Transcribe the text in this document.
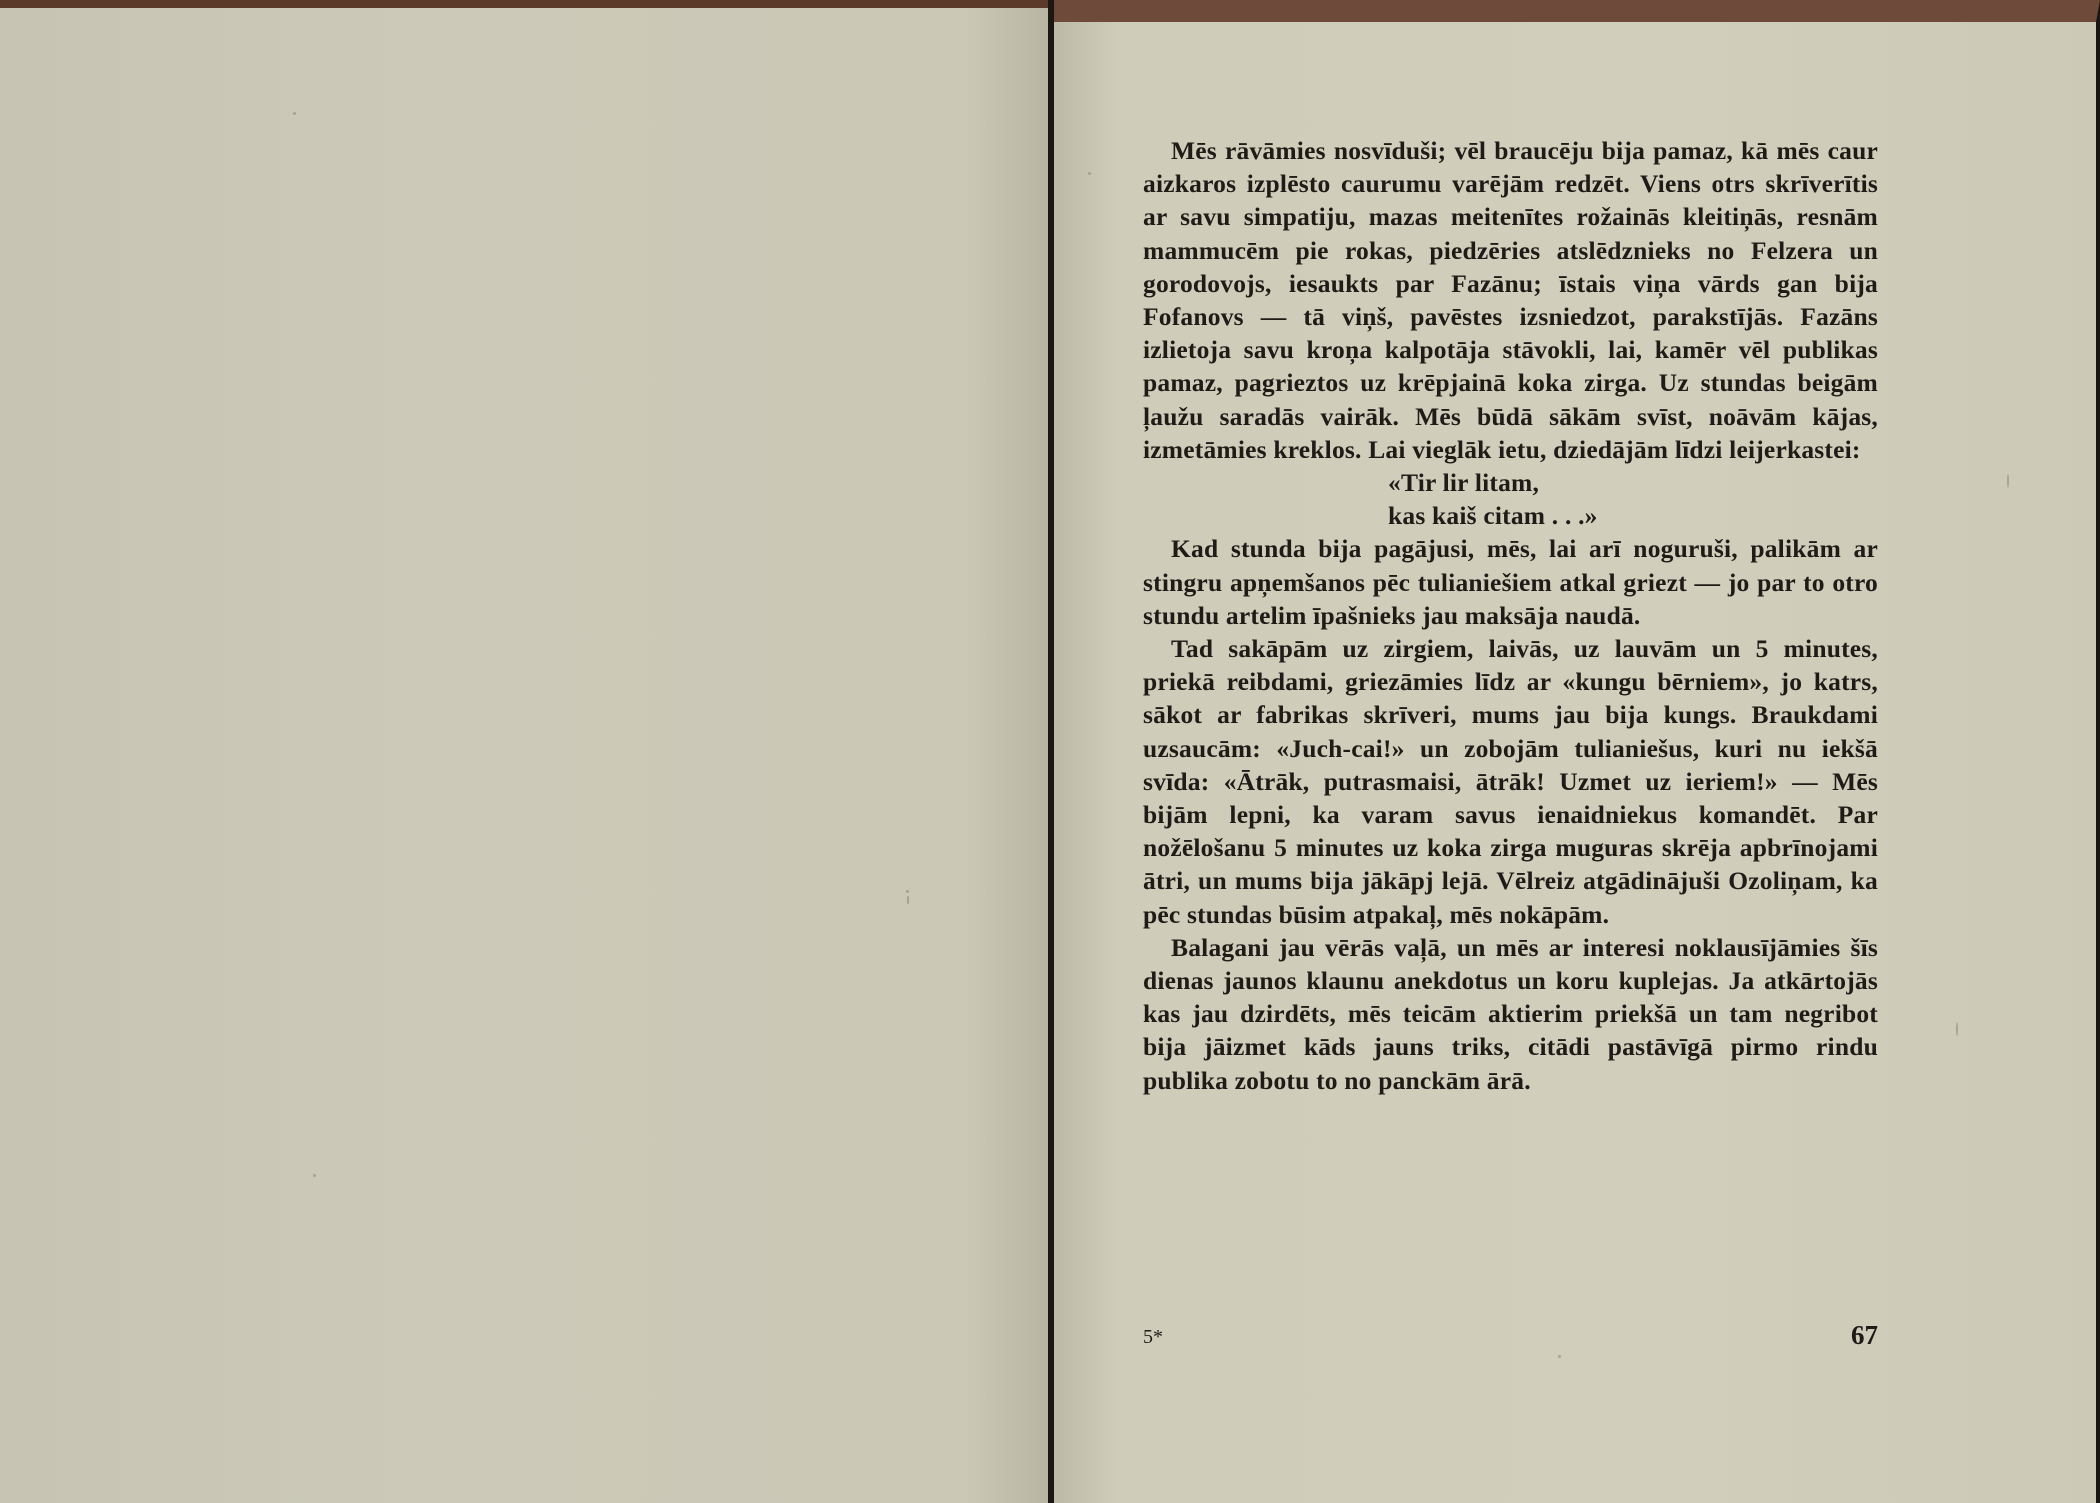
Mēs rāvāmies nosvīduši; vēl braucēju bija pamaz, kā mēs caur aizkaros izplēsto caurumu varējām redzēt. Viens otrs skrīverītis ar savu simpatiju, mazas meitenītes rožainās kleitiņās, resnām mammucēm pie rokas, piedzēries atslēdznieks no Felzera un gorodovojs, iesaukts par Fazānu; īstais viņa vārds gan bija Fofanovs — tā viņš, pavēstes izsniedzot, parakstījās. Fazāns izlietoja savu kroņa kalpotāja stāvokli, lai, kamēr vēl publikas pamaz, pagrieztos uz krēpjainā koka zirga. Uz stundas beigām ļaužu saradās vairāk. Mēs būdā sākām svīst, noāvām kājas, izmetāmies kreklos. Lai vieglāk ietu, dziedājām līdzi leijerkastei:

«Tir lir litam,
kas kaiš citam . . .»

Kad stunda bija pagājusi, mēs, lai arī noguruši, palikām ar stingru apņemšanos pēc tulianiešiem atkal griezt — jo par to otro stundu artelim īpašnieks jau maksāja naudā.

Tad sakāpām uz zirgiem, laivās, uz lauvām un 5 minutes, priekā reibdami, griezāmies līdz ar «kungu bērniem», jo katrs, sākot ar fabrikas skrīveri, mums jau bija kungs. Braukdami uzsaucām: «Juch-cai!» un zobojām tulianiešus, kuri nu iekšā svīda: «Ātrāk, putrasmaisi, ātrāk! Uzmet uz ieriem!» — Mēs bijām lepni, ka varam savus ienaidniekus komandēt. Par nožēlošanu 5 minutes uz koka zirga muguras skrēja apbrīnojami ātri, un mums bija jākāpj lejā. Vēlreiz atgādinājuši Ozoliņam, ka pēc stundas būsim atpakaļ, mēs nokāpām.

Balagani jau vērās vaļā, un mēs ar interesi noklausījāmies šīs dienas jaunos klaunu anekdotus un koru kuplejas. Ja atkārtojās kas jau dzirdēts, mēs teicām aktierim priekšā un tam negribot bija jāizmet kāds jauns triks, citādi pastāvīgā pirmo rindu publika zobotu to no panckām ārā.

5*	67
